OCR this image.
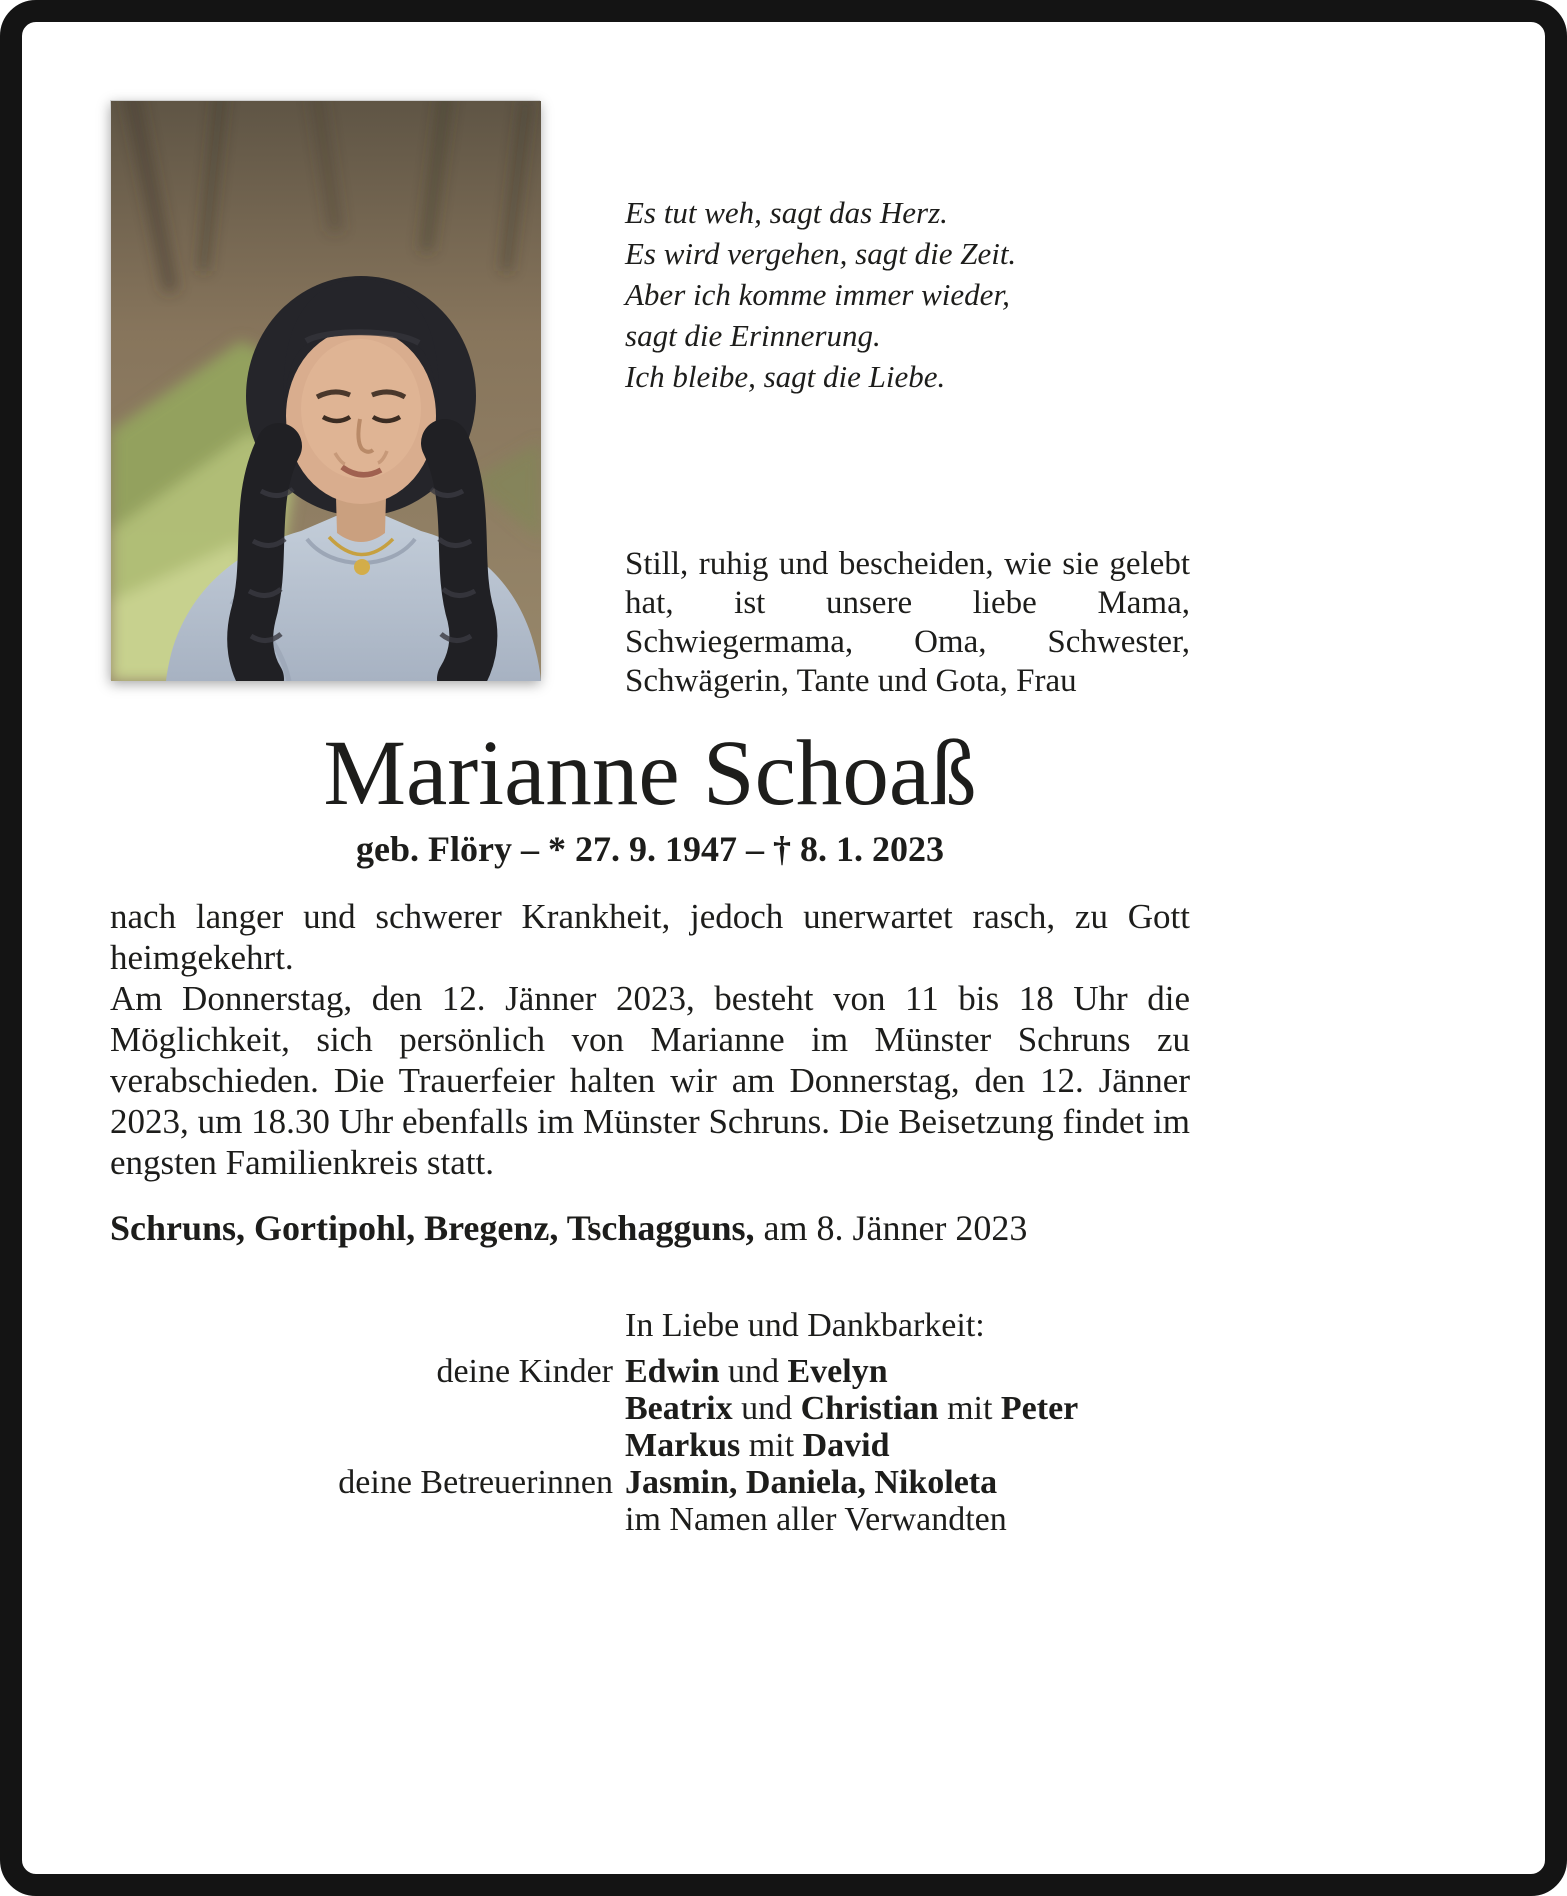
Es tut weh, sagt das Herz.
Es wird vergehen, sagt die Zeit.
Aber ich komme immer wieder,
sagt die Erinnerung.
Ich bleibe, sagt die Liebe.

Still, ruhig und bescheiden, wie sie gelebt hat, ist unsere liebe Mama, Schwiegermama, Oma, Schwester, Schwägerin, Tante und Gota, Frau

Marianne Schoaß
geb. Flöry – * 27. 9. 1947 – † 8. 1. 2023

nach langer und schwerer Krankheit, jedoch unerwartet rasch, zu Gott heimgekehrt.

Am Donnerstag, den 12. Jänner 2023, besteht von 11 bis 18 Uhr die Möglichkeit, sich persönlich von Marianne im Münster Schruns zu verabschieden. Die Trauerfeier halten wir am Donnerstag, den 12. Jänner 2023, um 18.30 Uhr ebenfalls im Münster Schruns. Die Beisetzung findet im engsten Familienkreis statt.

Schruns, Gortipohl, Bregenz, Tschagguns, am 8. Jänner 2023

In Liebe und Dankbarkeit:
deine Kinder Edwin und Evelyn
Beatrix und Christian mit Peter
Markus mit David
deine Betreuerinnen Jasmin, Daniela, Nikoleta
im Namen aller Verwandten
